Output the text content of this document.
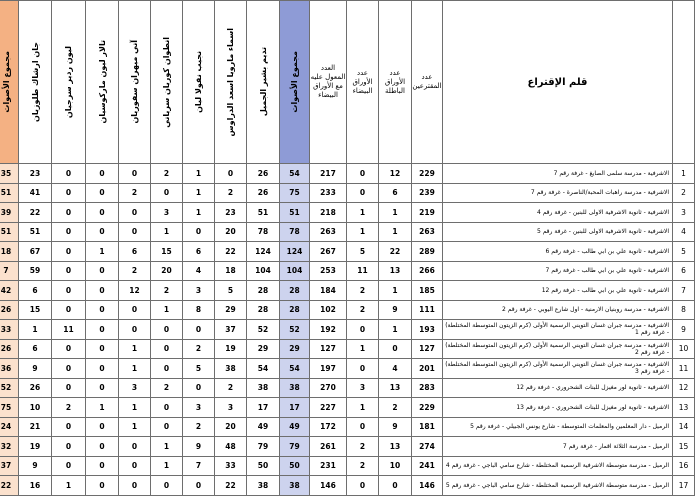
مجموع الأصوات	جان ارشاك طلوزيان	ليون ردير سرجيان	تالار ليون مارکوسيان	آني ميهران سفوريان	انطوان کوريان سرياني	نجيب نقولا ليان	اسماء مارويا اسعد الدراوس	تديم بشير الجميل	مجموع الأصوات	العدد المعول عليه مع الأوراق البيضاء	عدد الأوراق البيضاء	عدد الأوراق الباطلة	عدد المقترعين	قلم الإقتراع	

35	23	0	0	0	2	1	0	26	54	217	0	12	229	الاشرفية - مدرسة سلمى الصايغ - غرفة رقم 7	1
51	41	0	0	2	0	1	2	26	75	233	0	6	239	الاشرفية - مدرسة راهبات المحبة/الناصرة - غرفة رقم 7	2
39	22	0	0	0	3	1	23	51	51	218	1	1	219	الاشرفية - ثانوية الاشرفية الاولى للبنين - غرفة رقم 4	3
51	51	0	0	0	1	0	20	78	78	263	1	1	263	الاشرفية - ثانوية الاشرفية الاولى للبنين - غرفة رقم 5	4
18	67	0	1	6	15	6	22	124	124	267	5	22	289	الاشرفية - ثانوية علي بن ابي طالب - غرفة رقم 6	5
7	59	0	0	2	20	4	18	104	104	253	11	13	266	الاشرفية - ثانوية علي بن ابي طالب - غرفة رقم 7	6
42	6	0	0	12	2	3	5	28	28	184	2	1	185	الاشرفية - ثانوية علي بن ابي طالب - غرفة رقم 12	7
26	15	0	0	0	1	8	29	28	28	102	2	9	111	الاشرفية - مدرسة روبنيان الارمنية - اول شارع اليوبي - غرفة رقم 2	8
33	1	11	0	0	0	0	37	52	52	192	0	1	193	الاشرفية - مدرسة جبران غسان التويني الرسمية الأولى (كرم الزيتون المتوسطة المختلطة) - غرفة رقم 1	9
26	6	0	0	1	0	2	19	29	29	127	1	0	127	الاشرفية - مدرسة جبران غسان التويني الرسمية الأولى (كرم الزيتون المتوسطة المختلطة) - غرفة رقم 2	10
36	9	0	0	1	0	5	38	54	54	197	0	4	201	الاشرفية - مدرسة جبران غسان التويني الرسمية الأولى (كرم الزيتون المتوسطة المختلطة) - غرفة رقم 3	11
52	26	0	0	3	2	0	2	38	38	270	3	13	283	الاشرفية - ثانوية لور مغيزل للبنات الشحروري - غرفة رقم 12	12
75	10	2	1	1	0	3	3	17	17	227	1	2	229	الاشرفية - ثانوية لور مغيزل للبنات الشحروري - غرفة رقم 13	13
24	21	0	0	1	0	2	20	49	49	172	0	9	181	الرميل - دار المعلمين والمعلمات المتوسطة - شارع يونس الجبيلي - غرفة رقم 5	14
32	19	0	0	0	1	9	48	79	79	261	2	13	274	الرميل - مدرسة الثلاثة اقمار - غرفة رقم 7	15
37	9	0	0	0	1	7	33	50	50	231	2	10	241	الرميل - مدرسة متوسطة الاشرفية الرسمية المختلطة - شارع سامي الباجي - غرفة رقم 4	16
22	16	1	0	0	0	0	22	38	38	146	0	0	146	الرميل - مدرسة متوسطة الاشرفية الرسمية المختلطة - شارع سامي الباجي - غرفة رقم 5	17
